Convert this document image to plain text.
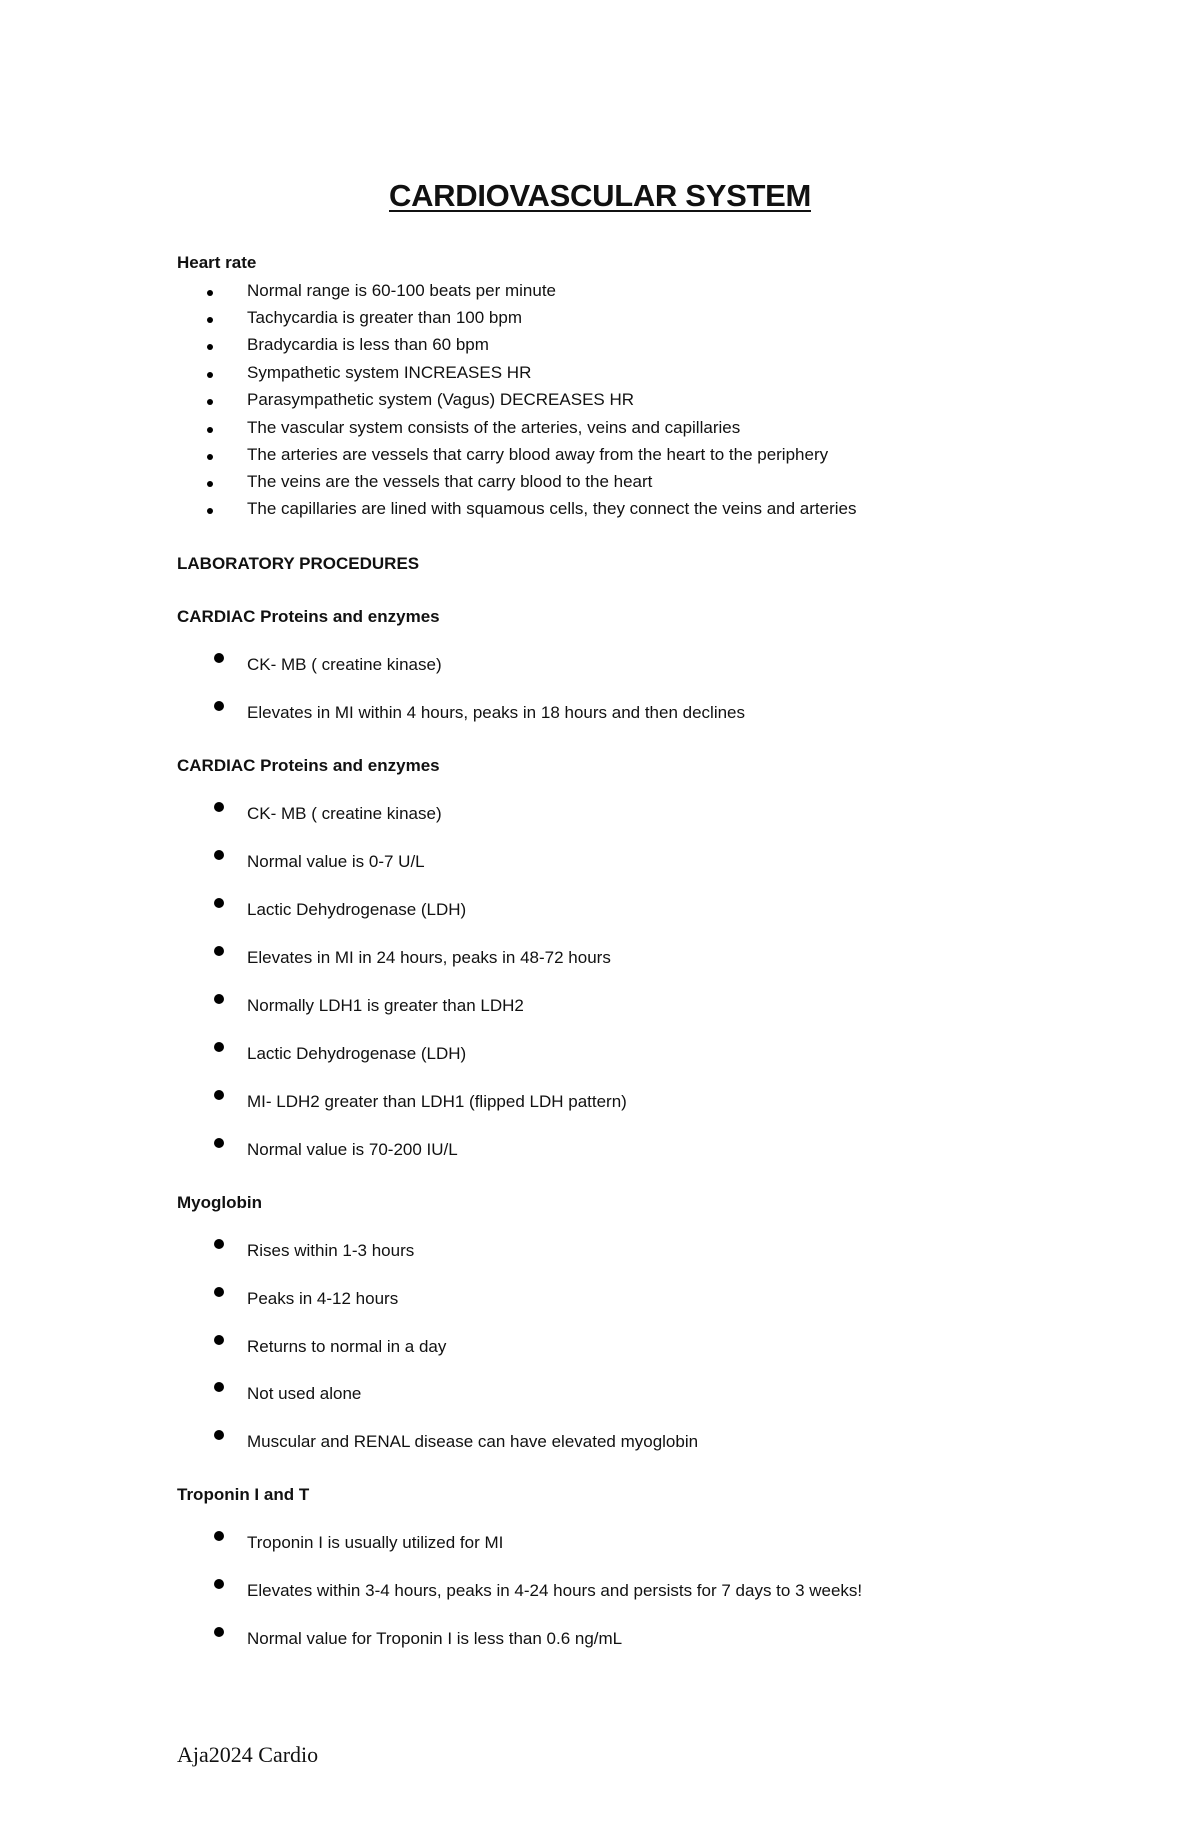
CARDIOVASCULAR SYSTEM
Heart rate
Normal range is 60-100 beats per minute
Tachycardia is greater than 100 bpm
Bradycardia is less than 60 bpm
Sympathetic system INCREASES HR
Parasympathetic system (Vagus) DECREASES HR
The vascular system consists of the arteries, veins and capillaries
The arteries are vessels that carry blood away from the heart to the periphery
The veins are the vessels that carry blood to the heart
The capillaries are lined with squamous cells, they connect the veins and arteries
LABORATORY PROCEDURES
CARDIAC Proteins and enzymes
CK- MB ( creatine kinase)
Elevates in MI within 4 hours, peaks in 18 hours and then declines
CARDIAC Proteins and enzymes
CK- MB ( creatine kinase)
Normal value is 0-7 U/L
Lactic Dehydrogenase (LDH)
Elevates in MI in 24 hours, peaks in 48-72 hours
Normally LDH1 is greater than LDH2
Lactic Dehydrogenase (LDH)
MI- LDH2 greater than LDH1 (flipped LDH pattern)
Normal value is 70-200 IU/L
Myoglobin
Rises within 1-3 hours
Peaks in 4-12 hours
Returns to normal in a day
Not used alone
Muscular and RENAL disease can have elevated myoglobin
Troponin I and T
Troponin I is usually utilized for MI
Elevates within 3-4 hours, peaks in 4-24 hours and persists for 7 days to 3 weeks!
Normal value for Troponin I is less than 0.6 ng/mL
Aja2024 Cardio
